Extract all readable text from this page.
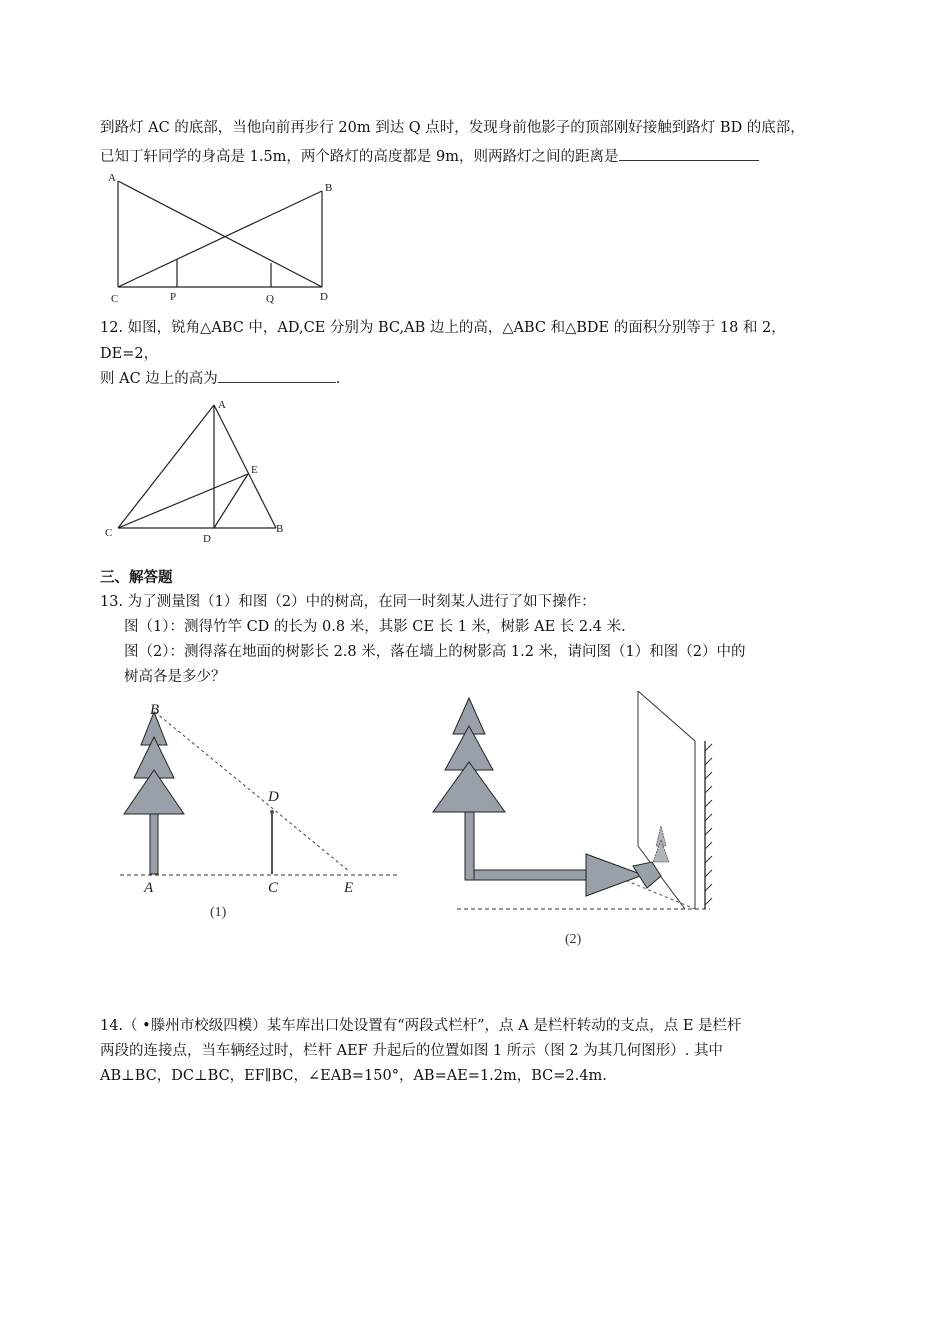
到路灯 AC 的底部，当他向前再步行 20m 到达 Q 点时，发现身前他影子的顶部刚好接触到路灯 BD 的底部，
已知丁轩同学的身高是 1.5m，两个路灯的高度都是 9m，则两路灯之间的距离是
A
B
C	P	Q	D
12. 如图，锐角△ABC 中，AD,CE 分别为 BC,AB 边上的高，△ABC 和△BDE 的面积分别等于 18 和 2，
DE=2，
则 AC 边上的高为	.
A
E
C	D
B
三、解答题
13. 为了测量图（1）和图（2）中的树高，在同一时刻某人进行了如下操作：
图（1）：测得竹竿 CD 的长为 0.8 米，其影 CE 长 1 米，树影 AE 长 2.4 米.
图（2）：测得落在地面的树影长 2.8 米，落在墙上的树影高 1.2 米，请问图（1）和图（2）中的
树高各是多少？
B
D
A	C	E
(1)
(2)
14.（ •滕州市校级四模）某车库出口处设置有“两段式栏杆”，点 A 是栏杆转动的支点，点 E 是栏杆
两段的连接点，当车辆经过时，栏杆 AEF 升起后的位置如图 1 所示（图 2 为其几何图形）. 其中
AB⊥BC，DC⊥BC，EF∥BC，∠EAB=150°，AB=AE=1.2m，BC=2.4m.
